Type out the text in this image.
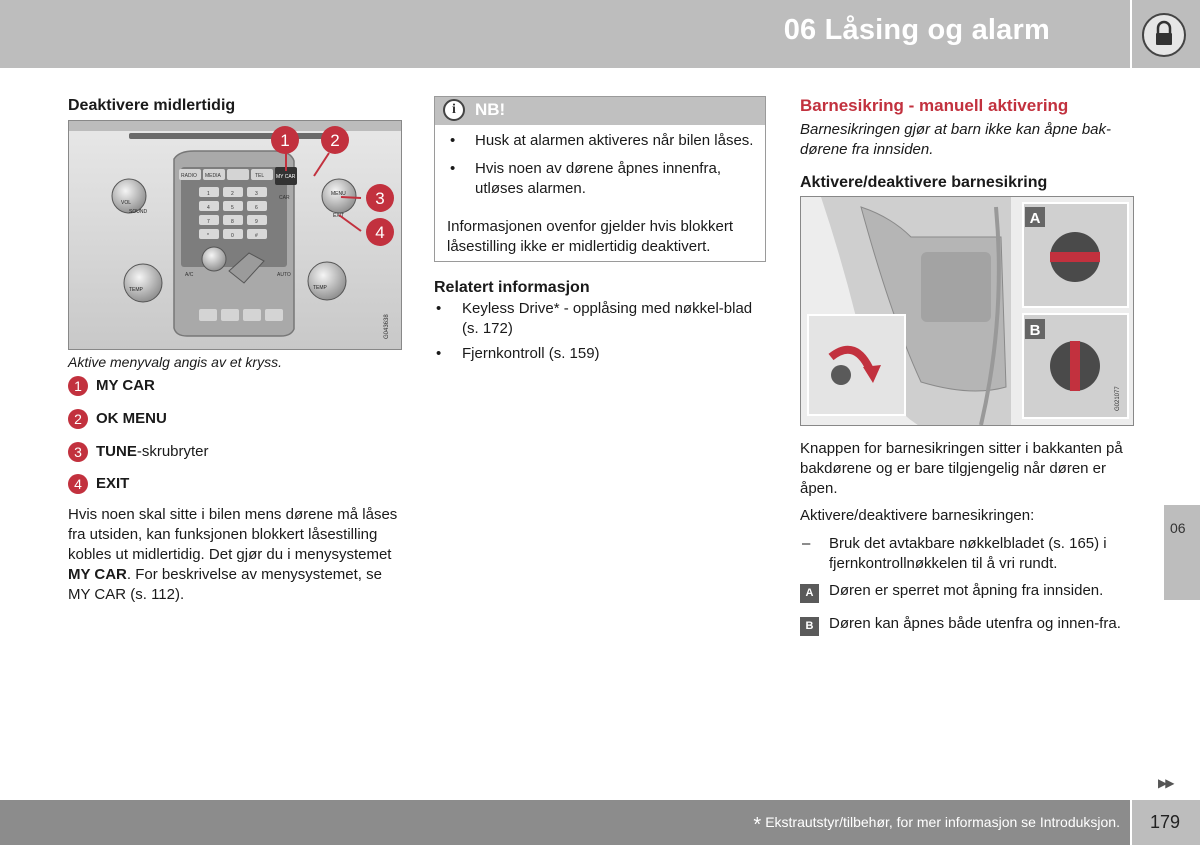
06 Låsing og alarm
Deaktivere midlertidig
RADIO MEDIA	TEL MY CAR
1	2	3
4	5	6
7	8	9
*	0	#
A/C	AUTO
CAR
VOL
SOUND
MENU
EXIT
TEMP	TEMP
1 2
3
4
G043638
Aktive menyvalg angis av et kryss.
1 MY CAR
2 OK MENU
3 TUNE-skrubryter
4 EXIT
Hvis noen skal sitte i bilen mens dørene må låses fra utsiden, kan funksjonen blokkert låsestilling kobles ut midlertidig. Det gjør du i menysystemet MY CAR. For beskrivelse av menysystemet, se MY CAR (s. 112).
i	NB!
• Husk at alarmen aktiveres når bilen låses.
• Hvis noen av dørene åpnes innenfra, utløses alarmen.
Informasjonen ovenfor gjelder hvis blokkert låsestilling ikke er midlertidig deaktivert.
Relatert informasjon
• Keyless Drive* - opplåsing med nøkkel-blad (s. 172)
• Fjernkontroll (s. 159)
Barnesikring - manuell aktivering
Barnesikringen gjør at barn ikke kan åpne bak-dørene fra innsiden.
Aktivere/deaktivere barnesikring
A
B
G021077
Knappen for barnesikringen sitter i bakkanten på bakdørene og er bare tilgjengelig når døren er åpen.
Aktivere/deaktivere barnesikringen:
– Bruk det avtakbare nøkkelbladet (s. 165) i fjernkontrollnøkkelen til å vri rundt.
A	Døren er sperret mot åpning fra innsiden.
B	Døren kan åpnes både utenfra og innen-fra.
06
▶▶
* Ekstrautstyr/tilbehør, for mer informasjon se Introduksjon. 179
